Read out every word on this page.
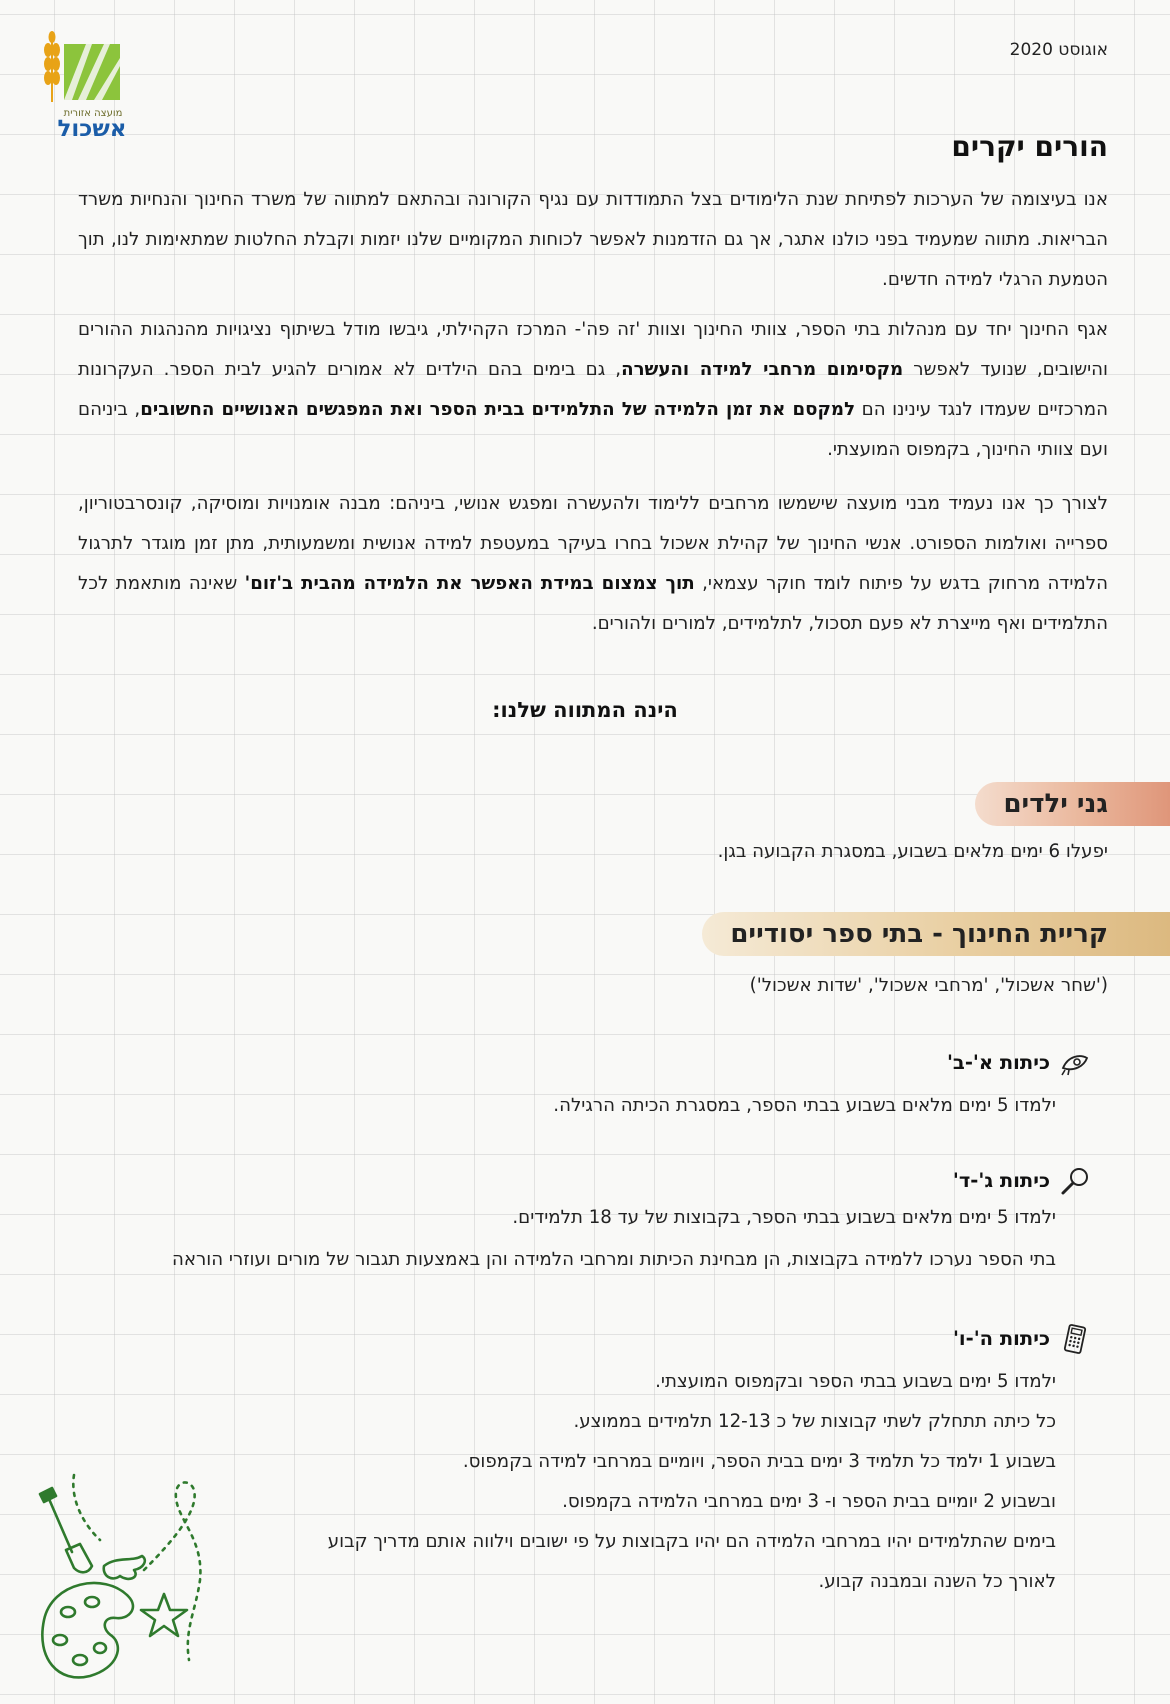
אוגוסט 2020
מועצה אזורית
אשכול
הורים יקרים

אנו בעיצומה של הערכות לפתיחת שנת הלימודים בצל התמודדות עם נגיף הקורונה ובהתאם למתווה של משרד החינוך והנחיות משרד הבריאות. מתווה שמעמיד בפני כולנו אתגר, אך גם הזדמנות לאפשר לכוחות המקומיים שלנו יזמות וקבלת החלטות שמתאימות לנו, תוך הטמעת הרגלי למידה חדשים.

אגף החינוך יחד עם מנהלות בתי הספר, צוותי החינוך וצוות 'זה פה'- המרכז הקהילתי, גיבשו מודל בשיתוף נציגויות מהנהגות ההורים והישובים, שנועד לאפשר מקסימום מרחבי למידה והעשרה, גם בימים בהם הילדים לא אמורים להגיע לבית הספר. העקרונות המרכזיים שעמדו לנגד עינינו הם למקסם את זמן הלמידה של התלמידים בבית הספר ואת המפגשים האנושיים החשובים, ביניהם ועם צוותי החינוך, בקמפוס המועצתי.

לצורך כך אנו נעמיד מבני מועצה שישמשו מרחבים ללימוד ולהעשרה ומפגש אנושי, ביניהם: מבנה אומנויות ומוסיקה, קונסרבטוריון, ספרייה ואולמות הספורט. אנשי החינוך של קהילת אשכול בחרו בעיקר במעטפת למידה אנושית ומשמעותית, מתן זמן מוגדר לתרגול הלמידה מרחוק בדגש על פיתוח לומד חוקר עצמאי, תוך צמצום במידת האפשר את הלמידה מהבית ב'זום' שאינה מותאמת לכל התלמידים ואף מייצרת לא פעם תסכול, לתלמידים, למורים ולהורים.

הינה המתווה שלנו:
גני ילדים
יפעלו 6 ימים מלאים בשבוע, במסגרת הקבועה בגן.
קריית החינוך - בתי ספר יסודיים
('שחר אשכול', 'מרחבי אשכול', 'שדות אשכול')
כיתות א'-ב'
ילמדו 5 ימים מלאים בשבוע בבתי הספר, במסגרת הכיתה הרגילה.
כיתות ג'-ד'
ילמדו 5 ימים מלאים בשבוע בבתי הספר, בקבוצות של עד 18 תלמידים.
בתי הספר נערכו ללמידה בקבוצות, הן מבחינת הכיתות ומרחבי הלמידה והן באמצעות תגבור של מורים ועוזרי הוראה
כיתות ה'-ו'
ילמדו 5 ימים בשבוע בבתי הספר ובקמפוס המועצתי.
כל כיתה תתחלק לשתי קבוצות של כ 12-13 תלמידים בממוצע.
בשבוע 1 ילמד כל תלמיד 3 ימים בבית הספר, ויומיים במרחבי למידה בקמפוס.
ובשבוע 2 יומיים בבית הספר ו- 3 ימים במרחבי הלמידה בקמפוס.
בימים שהתלמידים יהיו במרחבי הלמידה הם יהיו בקבוצות על פי ישובים וילווה אותם מדריך קבוע
לאורך כל השנה ובמבנה קבוע.
